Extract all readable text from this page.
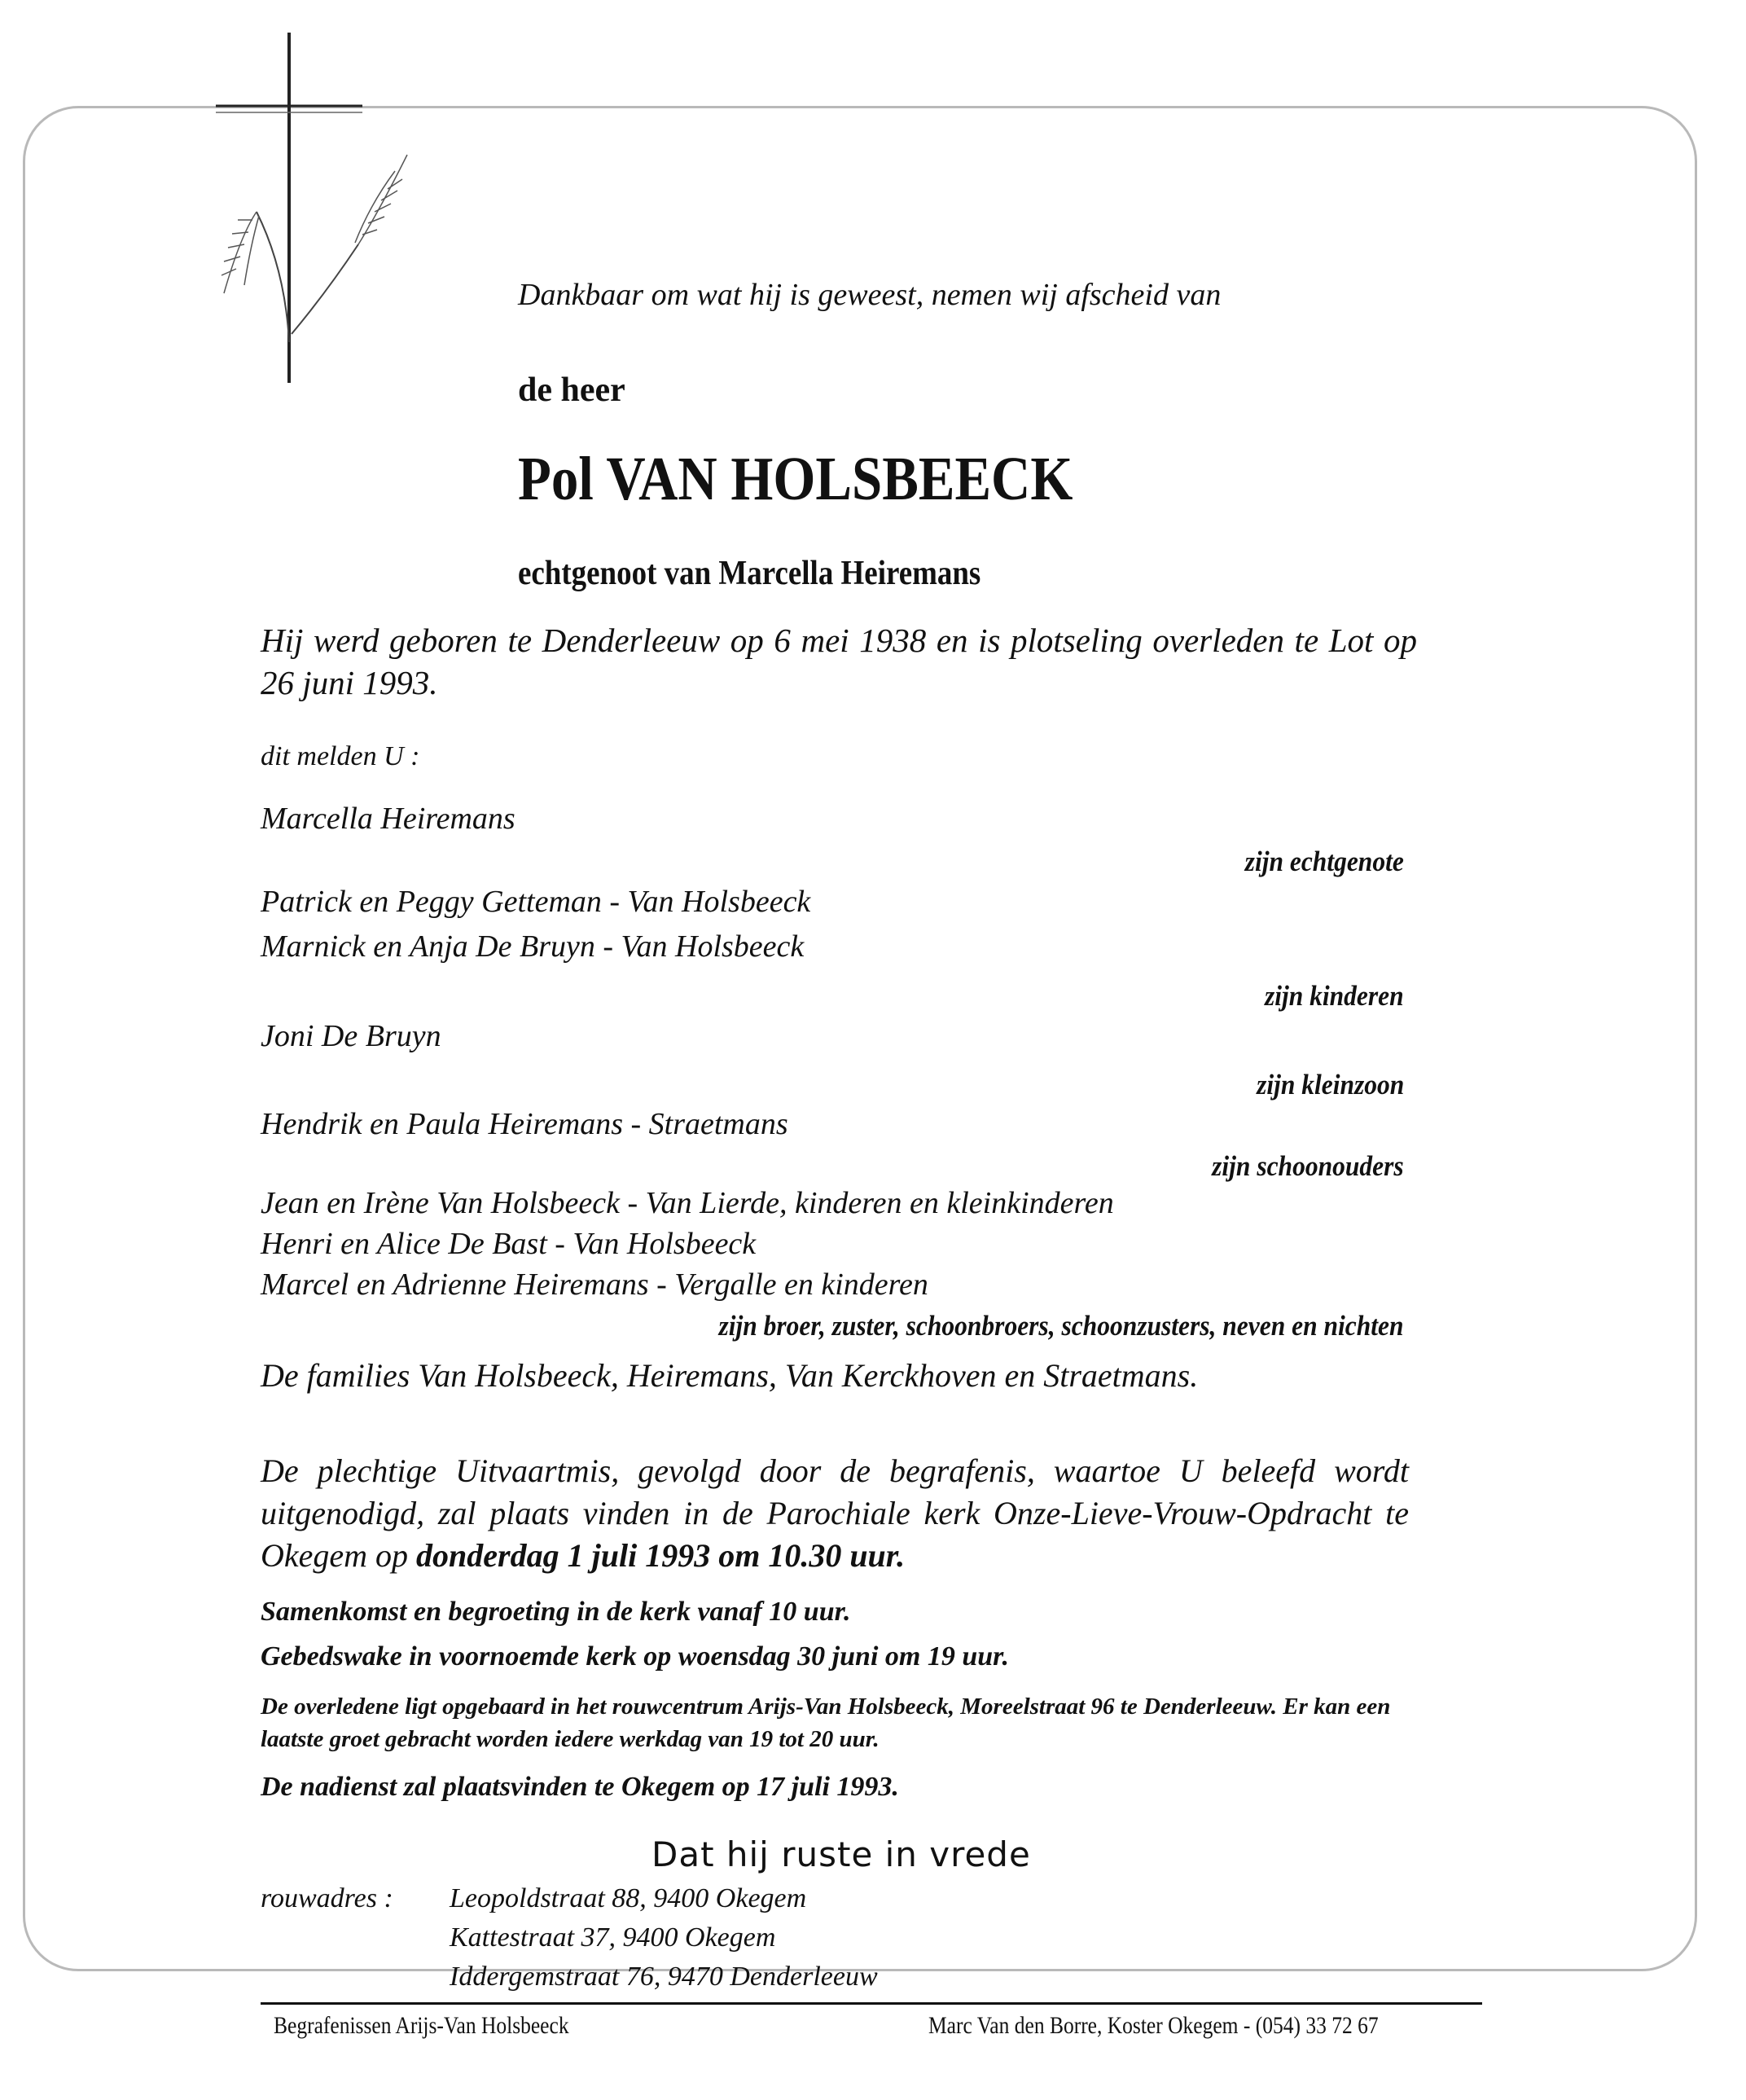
Dankbaar om wat hij is geweest, nemen wij afscheid van
de heer
Pol VAN HOLSBEECK
echtgenoot van Marcella Heiremans
Hij werd geboren te Denderleeuw op 6 mei 1938 en is plotseling overleden te Lot op 26 juni 1993.
dit melden U :
Marcella Heiremans
zijn echtgenote
Patrick en Peggy Getteman - Van Holsbeeck
Marnick en Anja De Bruyn - Van Holsbeeck
zijn kinderen
Joni De Bruyn
zijn kleinzoon
Hendrik en Paula Heiremans - Straetmans
zijn schoonouders
Jean en Irène Van Holsbeeck - Van Lierde, kinderen en kleinkinderen
Henri en Alice De Bast - Van Holsbeeck
Marcel en Adrienne Heiremans - Vergalle en kinderen
zijn broer, zuster, schoonbroers, schoonzusters, neven en nichten
De families Van Holsbeeck, Heiremans, Van Kerckhoven en Straetmans.
De plechtige Uitvaartmis, gevolgd door de begrafenis, waartoe U beleefd wordt uitgenodigd, zal plaats vinden in de Parochiale kerk Onze-Lieve-Vrouw-Opdracht te Okegem op donderdag 1 juli 1993 om 10.30 uur.
Samenkomst en begroeting in de kerk vanaf 10 uur.
Gebedswake in voornoemde kerk op woensdag 30 juni om 19 uur.
De overledene ligt opgebaard in het rouwcentrum Arijs-Van Holsbeeck, Moreelstraat 96 te Denderleeuw. Er kan een laatste groet gebracht worden iedere werkdag van 19 tot 20 uur.
De nadienst zal plaatsvinden te Okegem op 17 juli 1993.
Dat hij ruste in vrede
rouwadres : Leopoldstraat 88, 9400 Okegem
Kattestraat 37, 9400 Okegem
Iddergemstraat 76, 9470 Denderleeuw
Begrafenissen Arijs-Van Holsbeeck	Marc Van den Borre, Koster Okegem - (054) 33 72 67
